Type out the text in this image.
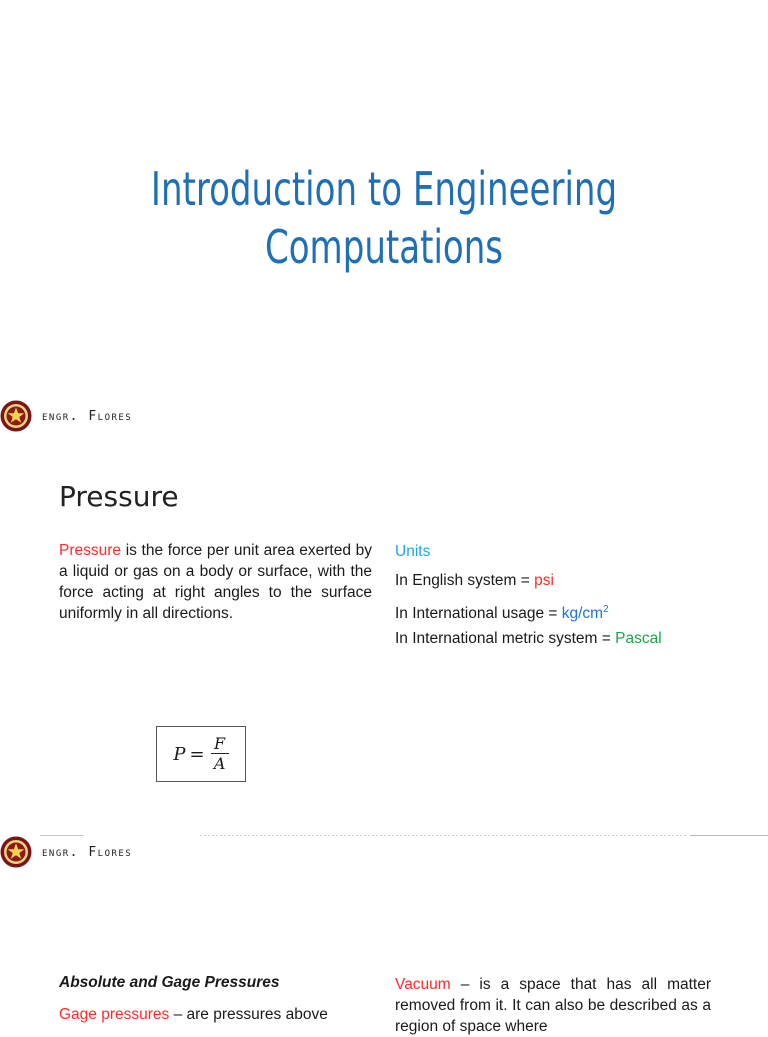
Introduction to Engineering
Computations
engr. Flores
Pressure

Pressure is the force per unit area exerted by a liquid or gas on a body or surface, with the force acting at right angles to the surface uniformly in all directions.

Units
In English system = psi
In International usage = $kg/cm^2$
In International metric system = Pascal
$P = \frac{F}{A}$
engr. Flores
Absolute and Gage Pressures
Gage pressures – are pressures above

Vacuum – is a space that has all matter removed from it. It can also be described as a region of space where
